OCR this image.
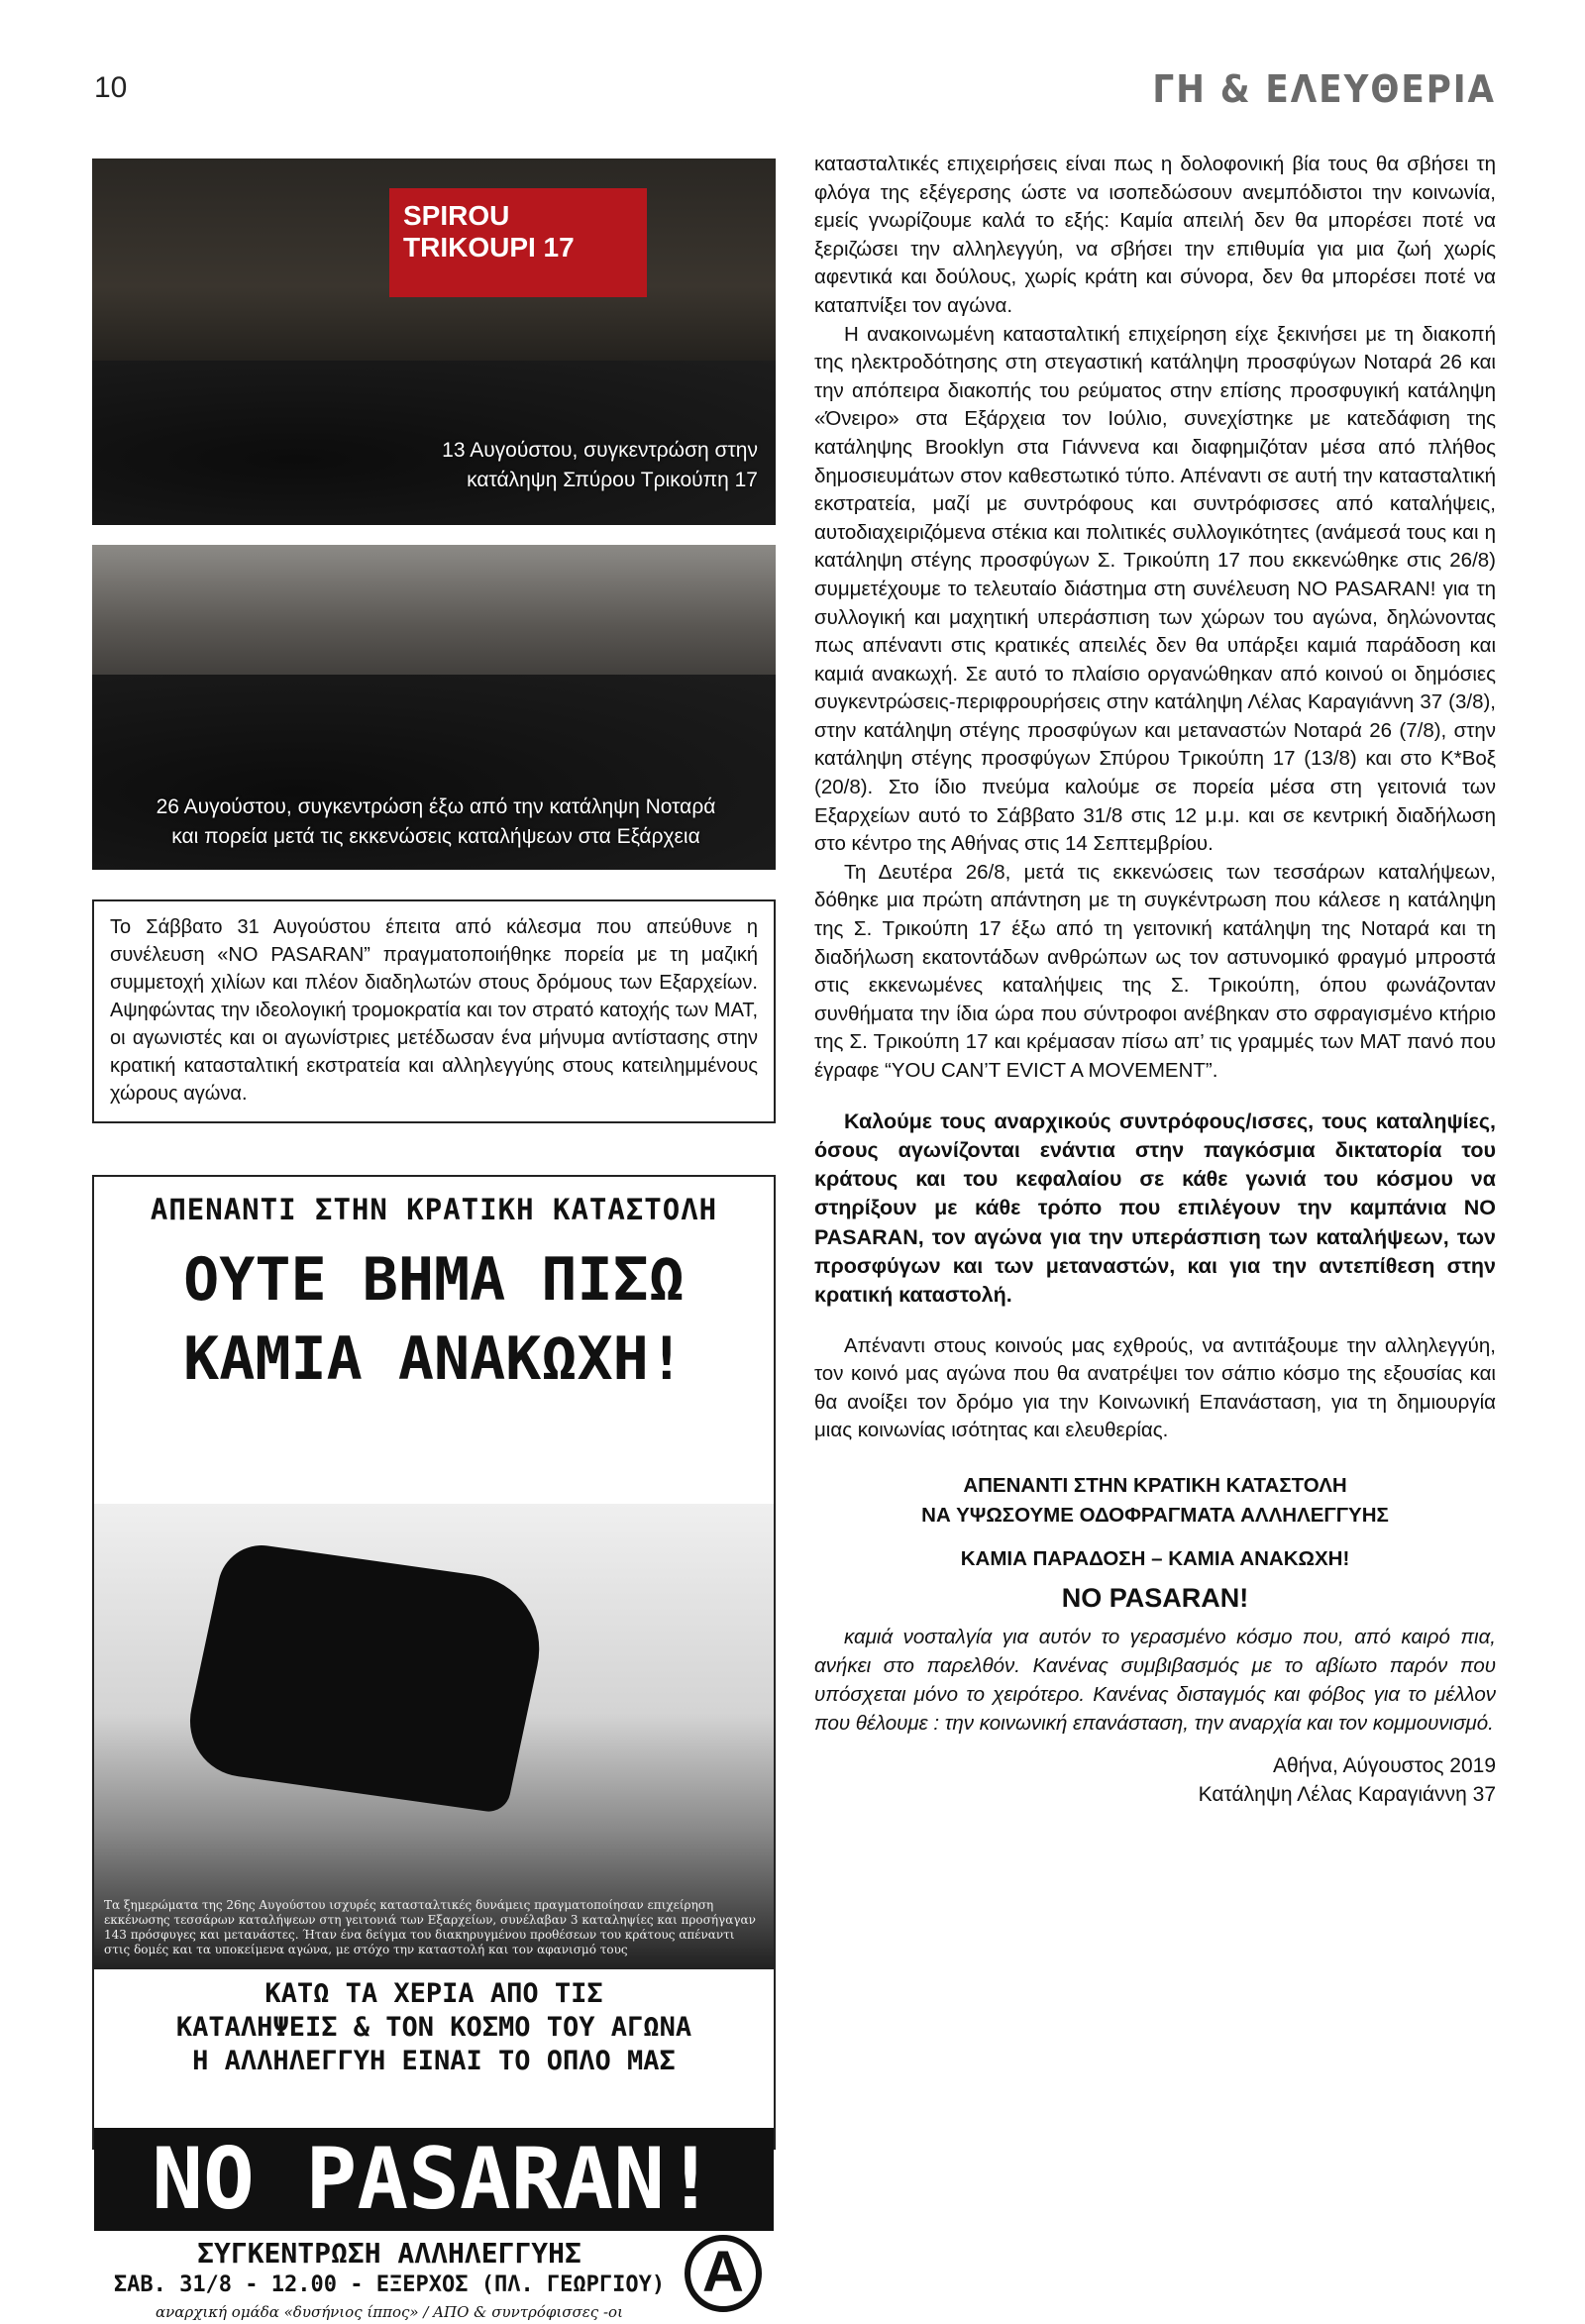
10	ΓΗ & ΕΛΕΥΘΕΡΙΑ
SPIROU TRIKOUPI 17
13 Αυγούστου, συγκεντρώση στην
κατάληψη Σπύρου Τρικούπη 17
26 Αυγούστου, συγκεντρώση έξω από την κατάληψη Νοταρά
και πορεία μετά τις εκκενώσεις καταλήψεων στα Εξάρχεια
Το Σάββατο 31 Αυγούστου έπειτα από κάλεσμα που απεύθυνε η συνέλευση «NO PASARAN” πραγματοποιήθηκε πορεία με τη μαζική συμμετοχή χιλίων και πλέον διαδηλωτών στους δρόμους των Εξαρχείων. Αψηφώντας την ιδεολογική τρομοκρατία και τον στρατό κατοχής των ΜΑΤ, οι αγωνιστές και οι αγωνίστριες μετέδωσαν ένα μήνυμα αντίστασης στην κρατική κατασταλτική εκστρατεία και αλληλεγγύης στους κατειλημμένους χώρους αγώνα.
ΑΠΕΝΑΝΤΙ ΣΤΗΝ ΚΡΑΤΙΚΗ ΚΑΤΑΣΤΟΛΗ
ΟΥΤΕ ΒΗΜΑ ΠΙΣΩ
ΚΑΜΙΑ ΑΝΑΚΩΧΗ!
Τα ξημερώματα της 26ης Αυγούστου ισχυρές κατασταλτικές δυνάμεις πραγματοποίησαν επιχείρηση εκκένωσης τεσσάρων καταλήψεων στη γειτονιά των Εξαρχείων, συνέλαβαν 3 καταληψίες και προσήγαγαν 143 πρόσφυγες και μετανάστες. Ήταν ένα δείγμα του διακηρυγμένου προθέσεων του κράτους απέναντι στις δομές και τα υποκείμενα αγώνα, με στόχο την καταστολή και τον αφανισμό τους
ΚΑΤΩ ΤΑ ΧΕΡΙΑ ΑΠΟ ΤΙΣ
ΚΑΤΑΛΗΨΕΙΣ & ΤΟΝ ΚΟΣΜΟ ΤΟΥ ΑΓΩΝΑ
Η ΑΛΛΗΛΕΓΓΥΗ ΕΙΝΑΙ ΤΟ ΟΠΛΟ ΜΑΣ
NO PASARAN!
ΣΥΓΚΕΝΤΡΩΣΗ ΑΛΛΗΛΕΓΓΥΗΣ
ΣΑΒ. 31/8 - 12.00 - ΕΞΕΡΧΟΣ (ΠΛ. ΓΕΩΡΓΙΟΥ)
αναρχική ομάδα «δυσήνιος ίππος» / ΑΠΟ & συντρόφισσες -οι
A

κατασταλτικές επιχειρήσεις είναι πως η δολοφονική βία τους θα σβήσει τη φλόγα της εξέγερσης ώστε να ισοπεδώσουν ανεμπόδιστοι την κοινωνία, εμείς γνωρίζουμε καλά το εξής: Καμία απειλή δεν θα μπορέσει ποτέ να ξεριζώσει την αλληλεγγύη, να σβήσει την επιθυμία για μια ζωή χωρίς αφεντικά και δούλους, χωρίς κράτη και σύνορα, δεν θα μπορέσει ποτέ να καταπνίξει τον αγώνα.

Η ανακοινωμένη κατασταλτική επιχείρηση είχε ξεκινήσει με τη διακοπή της ηλεκτροδότησης στη στεγαστική κατάληψη προσφύγων Νοταρά 26 και την απόπειρα διακοπής του ρεύματος στην επίσης προσφυγική κατάληψη «Όνειρο» στα Εξάρχεια τον Ιούλιο, συνεχίστηκε με κατεδάφιση της κατάληψης Brooklyn στα Γιάννενα και διαφημιζόταν μέσα από πλήθος δημοσιευμάτων στον καθεστωτικό τύπο. Απέναντι σε αυτή την κατασταλτική εκστρατεία, μαζί με συντρόφους και συντρόφισσες από καταλήψεις, αυτοδιαχειριζόμενα στέκια και πολιτικές συλλογικότητες (ανάμεσά τους και η κατάληψη στέγης προσφύγων Σ. Τρικούπη 17 που εκκενώθηκε στις 26/8) συμμετέχουμε το τελευταίο διάστημα στη συνέλευση NO PASARAN! για τη συλλογική και μαχητική υπεράσπιση των χώρων του αγώνα, δηλώνοντας πως απέναντι στις κρατικές απειλές δεν θα υπάρξει καμιά παράδοση και καμιά ανακωχή. Σε αυτό το πλαίσιο οργανώθηκαν από κοινού οι δημόσιες συγκεντρώσεις-περιφρουρήσεις στην κατάληψη Λέλας Καραγιάννη 37 (3/8), στην κατάληψη στέγης προσφύγων και μεταναστών Νοταρά 26 (7/8), στην κατάληψη στέγης προσφύγων Σπύρου Τρικούπη 17 (13/8) και στο Κ*Βοξ (20/8). Στο ίδιο πνεύμα καλούμε σε πορεία μέσα στη γειτονιά των Εξαρχείων αυτό το Σάββατο 31/8 στις 12 μ.μ. και σε κεντρική διαδήλωση στο κέντρο της Αθήνας στις 14 Σεπτεμβρίου.

Τη Δευτέρα 26/8, μετά τις εκκενώσεις των τεσσάρων καταλήψεων, δόθηκε μια πρώτη απάντηση με τη συγκέντρωση που κάλεσε η κατάληψη της Σ. Τρικούπη 17 έξω από τη γειτονική κατάληψη της Νοταρά και τη διαδήλωση εκατοντάδων ανθρώπων ως τον αστυνομικό φραγμό μπροστά στις εκκενωμένες καταλήψεις της Σ. Τρικούπη, όπου φωνάζονταν συνθήματα την ίδια ώρα που σύντροφοι ανέβηκαν στο σφραγισμένο κτήριο της Σ. Τρικούπη 17 και κρέμασαν πίσω απ’ τις γραμμές των ΜΑΤ πανό που έγραφε “YOU CAN’T EVICT A MOVEMENT”.

Καλούμε τους αναρχικούς συντρόφους/ισσες, τους καταληψίες, όσους αγωνίζονται ενάντια στην παγκόσμια δικτατορία του κράτους και του κεφαλαίου σε κάθε γωνιά του κόσμου να στηρίξουν με κάθε τρόπο που επιλέγουν την καμπάνια NO PASARAN, τον αγώνα για την υπεράσπιση των καταλήψεων, των προσφύγων και των μεταναστών, και για την αντεπίθεση στην κρατική καταστολή.

Απέναντι στους κοινούς μας εχθρούς, να αντιτάξουμε την αλληλεγγύη, τον κοινό μας αγώνα που θα ανατρέψει τον σάπιο κόσμο της εξουσίας και θα ανοίξει τον δρόμο για την Κοινωνική Επανάσταση, για τη δημιουργία μιας κοινωνίας ισότητας και ελευθερίας.

ΑΠΕΝΑΝΤΙ ΣΤΗΝ ΚΡΑΤΙΚΗ ΚΑΤΑΣΤΟΛΗ
ΝΑ ΥΨΩΣΟΥΜΕ ΟΔΟΦΡΑΓΜΑΤΑ ΑΛΛΗΛΕΓΓΥΗΣ
ΚΑΜΙΑ ΠΑΡΑΔΟΣΗ – ΚΑΜΙΑ ΑΝΑΚΩΧΗ!
NO PASARAN!

καμιά νοσταλγία για αυτόν το γερασμένο κόσμο που, από καιρό πια, ανήκει στο παρελθόν. Κανένας συμβιβασμός με το αβίωτο παρόν που υπόσχεται μόνο το χειρότερο. Κανένας δισταγμός και φόβος για το μέλλον που θέλουμε : την κοινωνική επανάσταση, την αναρχία και τον κομμουνισμό.

Αθήνα, Αύγουστος 2019
Κατάληψη Λέλας Καραγιάννη 37
